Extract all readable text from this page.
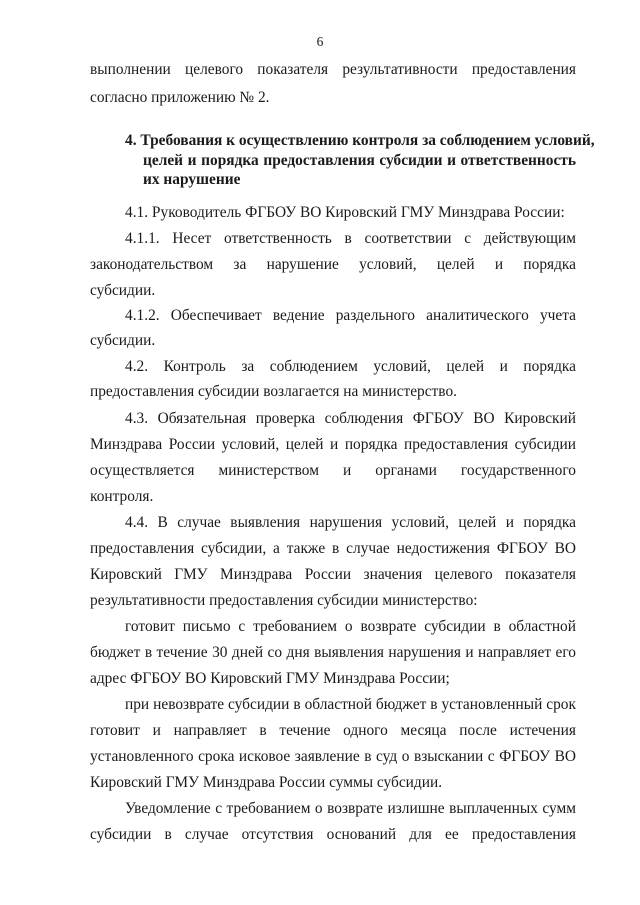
6
выполнении целевого показателя результативности предоставления
согласно приложению № 2.
4. Требования к осуществлению контроля за соблюдением условий,
целей и порядка предоставления субсидии и ответственность
их нарушение
4.1. Руководитель ФГБОУ ВО Кировский ГМУ Минздрава России:
4.1.1. Несет ответственность в соответствии с действующим
законодательством за нарушение условий, целей и порядка
субсидии.
4.1.2. Обеспечивает ведение раздельного аналитического учета
субсидии.
4.2. Контроль за соблюдением условий, целей и порядка
предоставления субсидии возлагается на министерство.
4.3. Обязательная проверка соблюдения ФГБОУ ВО Кировский
Минздрава России условий, целей и порядка предоставления субсидии
осуществляется министерством и органами государственного
контроля.
4.4. В случае выявления нарушения условий, целей и порядка
предоставления субсидии, а также в случае недостижения ФГБОУ ВО
Кировский ГМУ Минздрава России значения целевого показателя
результативности предоставления субсидии министерство:
готовит письмо с требованием о возврате субсидии в областной
бюджет в течение 30 дней со дня выявления нарушения и направляет его
адрес ФГБОУ ВО Кировский ГМУ Минздрава России;
при невозврате субсидии в областной бюджет в установленный срок
готовит и направляет в течение одного месяца после истечения
установленного срока исковое заявление в суд о взыскании с ФГБОУ ВО
Кировский ГМУ Минздрава России суммы субсидии.
Уведомление с требованием о возврате излишне выплаченных сумм
субсидии в случае отсутствия оснований для ее предоставления
